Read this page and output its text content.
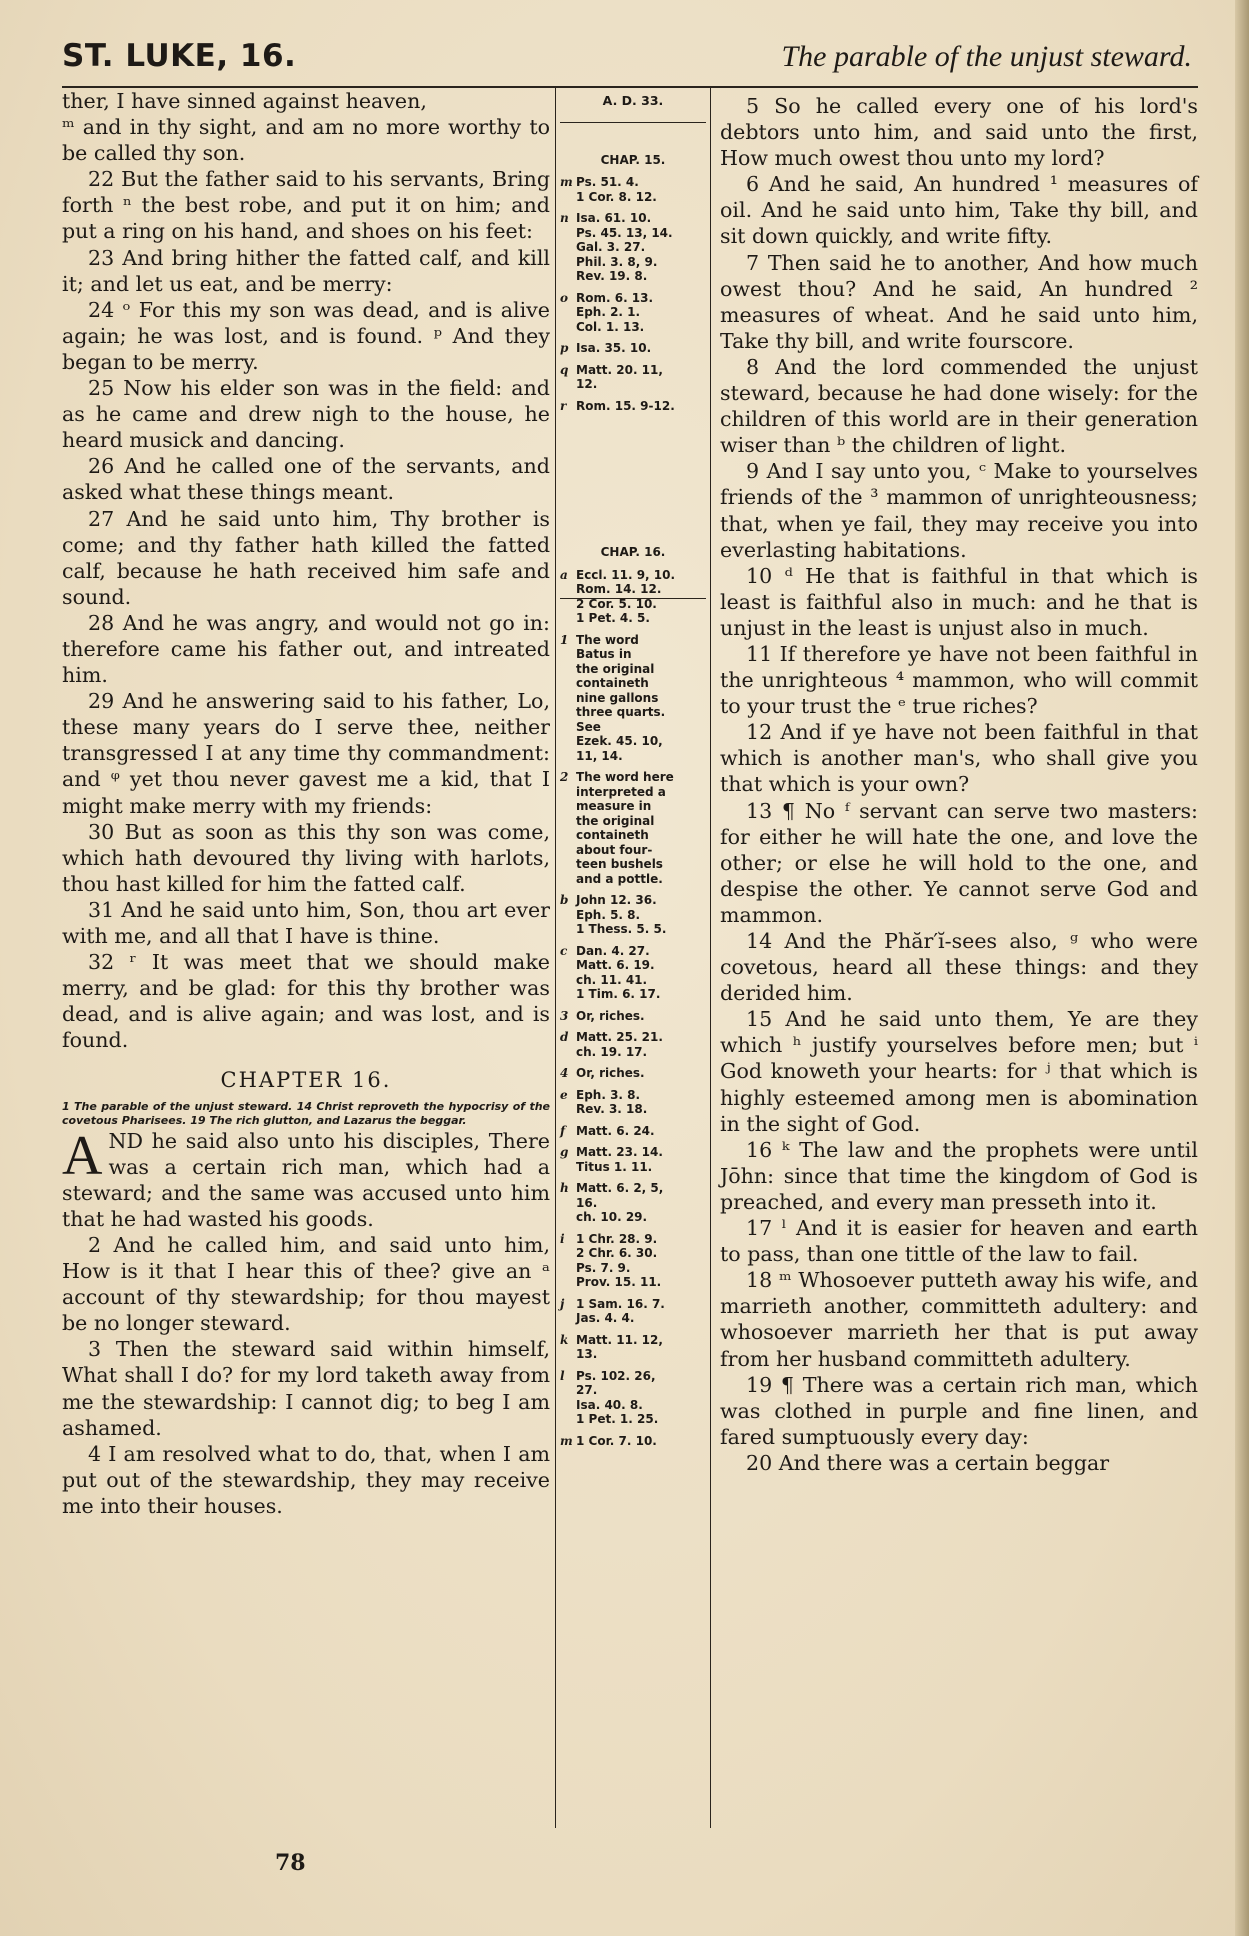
ST. LUKE, 16.	The parable of the unjust steward.

ther, I have sinned against heaven,

ᵐ and in thy sight, and am no more worthy to be called thy son.

22 But the father said to his servants, Bring forth ⁿ the best robe, and put it on him; and put a ring on his hand, and shoes on his feet:

23 And bring hither the fatted calf, and kill it; and let us eat, and be merry:

24 ᵒ For this my son was dead, and is alive again; he was lost, and is found. ᵖ And they began to be merry.

25 Now his elder son was in the field: and as he came and drew nigh to the house, he heard musick and dancing.

26 And he called one of the servants, and asked what these things meant.

27 And he said unto him, Thy brother is come; and thy father hath killed the fatted calf, because he hath received him safe and sound.

28 And he was angry, and would not go in: therefore came his father out, and intreated him.

29 And he answering said to his father, Lo, these many years do I serve thee, neither transgressed I at any time thy commandment: and ᵠ yet thou never gavest me a kid, that I might make merry with my friends:

30 But as soon as this thy son was come, which hath devoured thy living with harlots, thou hast killed for him the fatted calf.

31 And he said unto him, Son, thou art ever with me, and all that I have is thine.

32 ʳ It was meet that we should make merry, and be glad: for this thy brother was dead, and is alive again; and was lost, and is found.

CHAPTER 16.

1 The parable of the unjust steward. 14 Christ reproveth the hypocrisy of the covetous Pharisees. 19 The rich glutton, and Lazarus the beggar.

AND he said also unto his disciples, There was a certain rich man, which had a steward; and the same was accused unto him that he had wasted his goods.

2 And he called him, and said unto him, How is it that I hear this of thee? give an ᵃ account of thy stewardship; for thou mayest be no longer steward.

3 Then the steward said within himself, What shall I do? for my lord taketh away from me the stewardship: I cannot dig; to beg I am ashamed.

4 I am resolved what to do, that, when I am put out of the stewardship, they may receive me into their houses.

A. D. 33.
CHAP. 15.
m Ps. 51. 4.
1 Cor. 8. 12.
n Isa. 61. 10.
Ps. 45. 13, 14.
Gal. 3. 27.
Phil. 3. 8, 9.
Rev. 19. 8.
o Rom. 6. 13.
Eph. 2. 1.
Col. 1. 13.
p Isa. 35. 10.
q Matt. 20. 11,
12.
r Rom. 15. 9-12.
CHAP. 16.
a Eccl. 11. 9, 10.
Rom. 14. 12.
2 Cor. 5. 10.
1 Pet. 4. 5.
1 The word
Batus in
the original
containeth
nine gallons
three quarts.
See
Ezek. 45. 10,
11, 14.
2 The word here
interpreted a
measure in
the original
containeth
about four-
teen bushels
and a pottle.
b John 12. 36.
Eph. 5. 8.
1 Thess. 5. 5.
c Dan. 4. 27.
Matt. 6. 19.
ch. 11. 41.
1 Tim. 6. 17.
3 Or, riches.
d Matt. 25. 21.
ch. 19. 17.
4 Or, riches.
e Eph. 3. 8.
Rev. 3. 18.
f Matt. 6. 24.
g Matt. 23. 14.
Titus 1. 11.
h Matt. 6. 2, 5,
16.
ch. 10. 29.
i 1 Chr. 28. 9.
2 Chr. 6. 30.
Ps. 7. 9.
Prov. 15. 11.
j 1 Sam. 16. 7.
Jas. 4. 4.
k Matt. 11. 12,
13.
l Ps. 102. 26,
27.
Isa. 40. 8.
1 Pet. 1. 25.
m 1 Cor. 7. 10.

5 So he called every one of his lord's debtors unto him, and said unto the first, How much owest thou unto my lord?

6 And he said, An hundred ¹ measures of oil. And he said unto him, Take thy bill, and sit down quickly, and write fifty.

7 Then said he to another, And how much owest thou? And he said, An hundred ² measures of wheat. And he said unto him, Take thy bill, and write fourscore.

8 And the lord commended the unjust steward, because he had done wisely: for the children of this world are in their generation wiser than ᵇ the children of light.

9 And I say unto you, ᶜ Make to yourselves friends of the ³ mammon of unrighteousness; that, when ye fail, they may receive you into everlasting habitations.

10 ᵈ He that is faithful in that which is least is faithful also in much: and he that is unjust in the least is unjust also in much.

11 If therefore ye have not been faithful in the unrighteous ⁴ mammon, who will commit to your trust the ᵉ true riches?

12 And if ye have not been faithful in that which is another man's, who shall give you that which is your own?

13 ¶ No ᶠ servant can serve two masters: for either he will hate the one, and love the other; or else he will hold to the one, and despise the other. Ye cannot serve God and mammon.

14 And the Phăr′ĭ-sees also, ᵍ who were covetous, heard all these things: and they derided him.

15 And he said unto them, Ye are they which ʰ justify yourselves before men; but ⁱ God knoweth your hearts: for ʲ that which is highly esteemed among men is abomination in the sight of God.

16 ᵏ The law and the prophets were until Jōhn: since that time the kingdom of God is preached, and every man presseth into it.

17 ˡ And it is easier for heaven and earth to pass, than one tittle of the law to fail.

18 ᵐ Whosoever putteth away his wife, and marrieth another, committeth adultery: and whosoever marrieth her that is put away from her husband committeth adultery.

19 ¶ There was a certain rich man, which was clothed in purple and fine linen, and fared sumptuously every day:

20 And there was a certain beggar

78
